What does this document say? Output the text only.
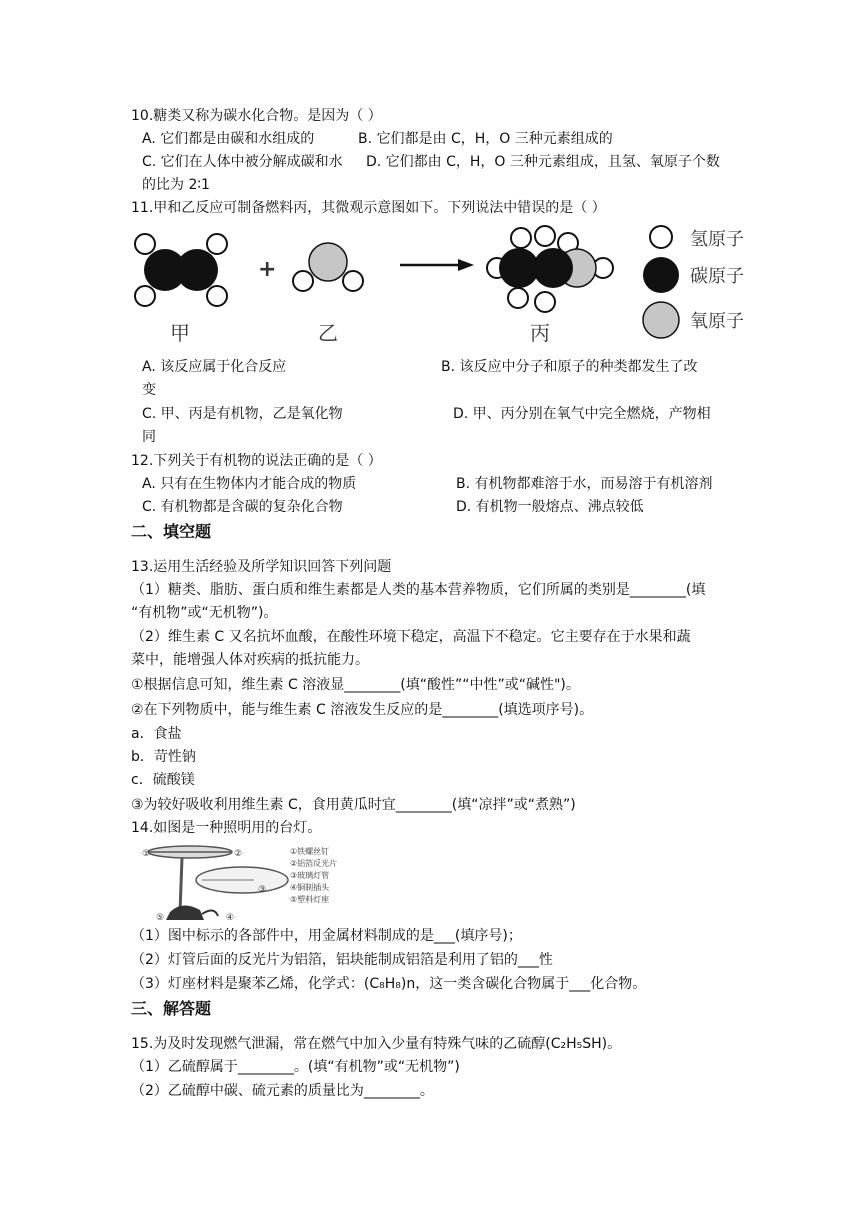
10.糖类又称为碳水化合物。是因为（ ）
A. 它们都是由碳和水组成的	B. 它们都是由 C，H，O 三种元素组成的
C. 它们在人体中被分解成碳和水 D. 它们都由 C，H，O 三种元素组成，且氢、氧原子个数
的比为 2∶1
11.甲和乙反应可制备燃料丙，其微观示意图如下。下列说法中错误的是（ ）
+
氢原子
碳原子
氧原子
甲	乙	丙
A. 该反应属于化合反应	B. 该反应中分子和原子的种类都发生了改
变
C. 甲、丙是有机物，乙是氧化物	D. 甲、丙分别在氧气中完全燃烧，产物相
同
12.下列关于有机物的说法正确的是（ ）
A. 只有在生物体内才能合成的物质	B. 有机物都难溶于水，而易溶于有机溶剂
C. 有机物都是含碳的复杂化合物	D. 有机物一般熔点、沸点较低
二、填空题
13.运用生活经验及所学知识回答下列问题
（1）糖类、脂肪、蛋白质和维生素都是人类的基本营养物质，它们所属的类别是________(填
“有机物”或“无机物”)。
（2）维生素 C 又名抗坏血酸，在酸性环境下稳定，高温下不稳定。它主要存在于水果和蔬
菜中，能增强人体对疾病的抵抗能力。
①根据信息可知，维生素 C 溶液显________(填“酸性”“中性”或“碱性")。
②在下列物质中，能与维生素 C 溶液发生反应的是________(填选项序号)。
a．食盐
b．苛性钠
c．硫酸镁
③为较好吸收利用维生素 C，食用黄瓜时宜________(填“凉拌”或“煮熟”)
14.如图是一种照明用的台灯。
①	②
③
④
⑤
①铁螺丝钉
②铝箔反光片
③玻璃灯管
④铜制插头
⑤塑料灯座
（1）图中标示的各部件中，用金属材料制成的是___(填序号)；
（2）灯管后面的反光片为铝箔，铝块能制成铝箔是利用了铝的___性
（3）灯座材料是聚苯乙烯，化学式：(C₈H₈)n，这一类含碳化合物属于___化合物。
三、解答题
15.为及时发现燃气泄漏，常在燃气中加入少量有特殊气味的乙硫醇(C₂H₅SH)。
（1）乙硫醇属于________。(填“有机物”或“无机物”)
（2）乙硫醇中碳、硫元素的质量比为________。
